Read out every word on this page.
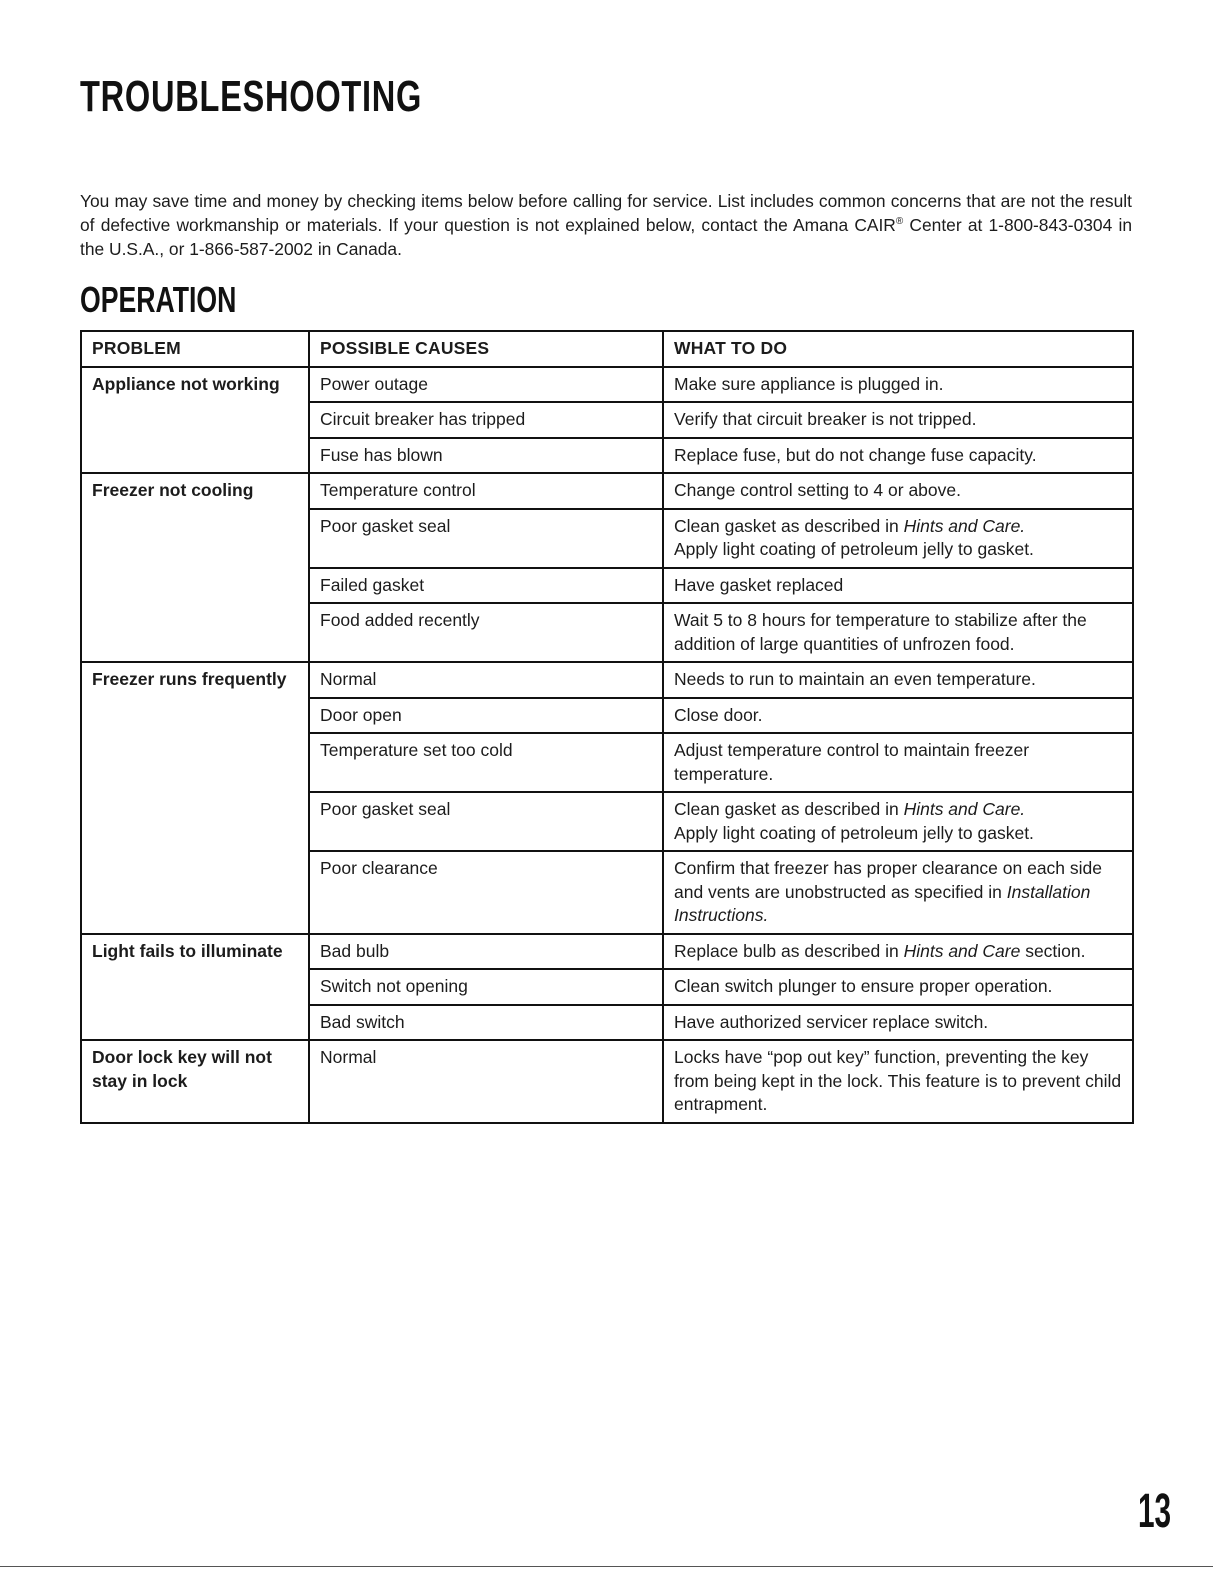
TROUBLESHOOTING

You may save time and money by checking items below before calling for service. List includes common concerns that are not the result of defective workmanship or materials. If your question is not explained below, contact the Amana CAIR® Center at 1-800-843-0304 in the U.S.A., or 1-866-587-2002 in Canada.

OPERATION
PROBLEM	POSSIBLE CAUSES	WHAT TO DO
Appliance not working	Power outage	Make sure appliance is plugged in.
	Circuit breaker has tripped	Verify that circuit breaker is not tripped.
	Fuse has blown	Replace fuse, but do not change fuse capacity.
Freezer not cooling	Temperature control	Change control setting to 4 or above.
	Poor gasket seal	Clean gasket as described in Hints and Care.
Apply light coating of petroleum jelly to gasket.
	Failed gasket	Have gasket replaced
	Food added recently	Wait 5 to 8 hours for temperature to stabilize after the addition of large quantities of unfrozen food.
Freezer runs frequently	Normal	Needs to run to maintain an even temperature.
	Door open	Close door.
	Temperature set too cold	Adjust temperature control to maintain freezer temperature.
	Poor gasket seal	Clean gasket as described in Hints and Care.
Apply light coating of petroleum jelly to gasket.
	Poor clearance	Confirm that freezer has proper clearance on each side and vents are unobstructed as specified in Installation Instructions.
Light fails to illuminate	Bad bulb	Replace bulb as described in Hints and Care section.
	Switch not opening	Clean switch plunger to ensure proper operation.
	Bad switch	Have authorized servicer replace switch.
Door lock key will not stay in lock	Normal	Locks have “pop out key” function, preventing the key from being kept in the lock. This feature is to prevent child entrapment.
13
